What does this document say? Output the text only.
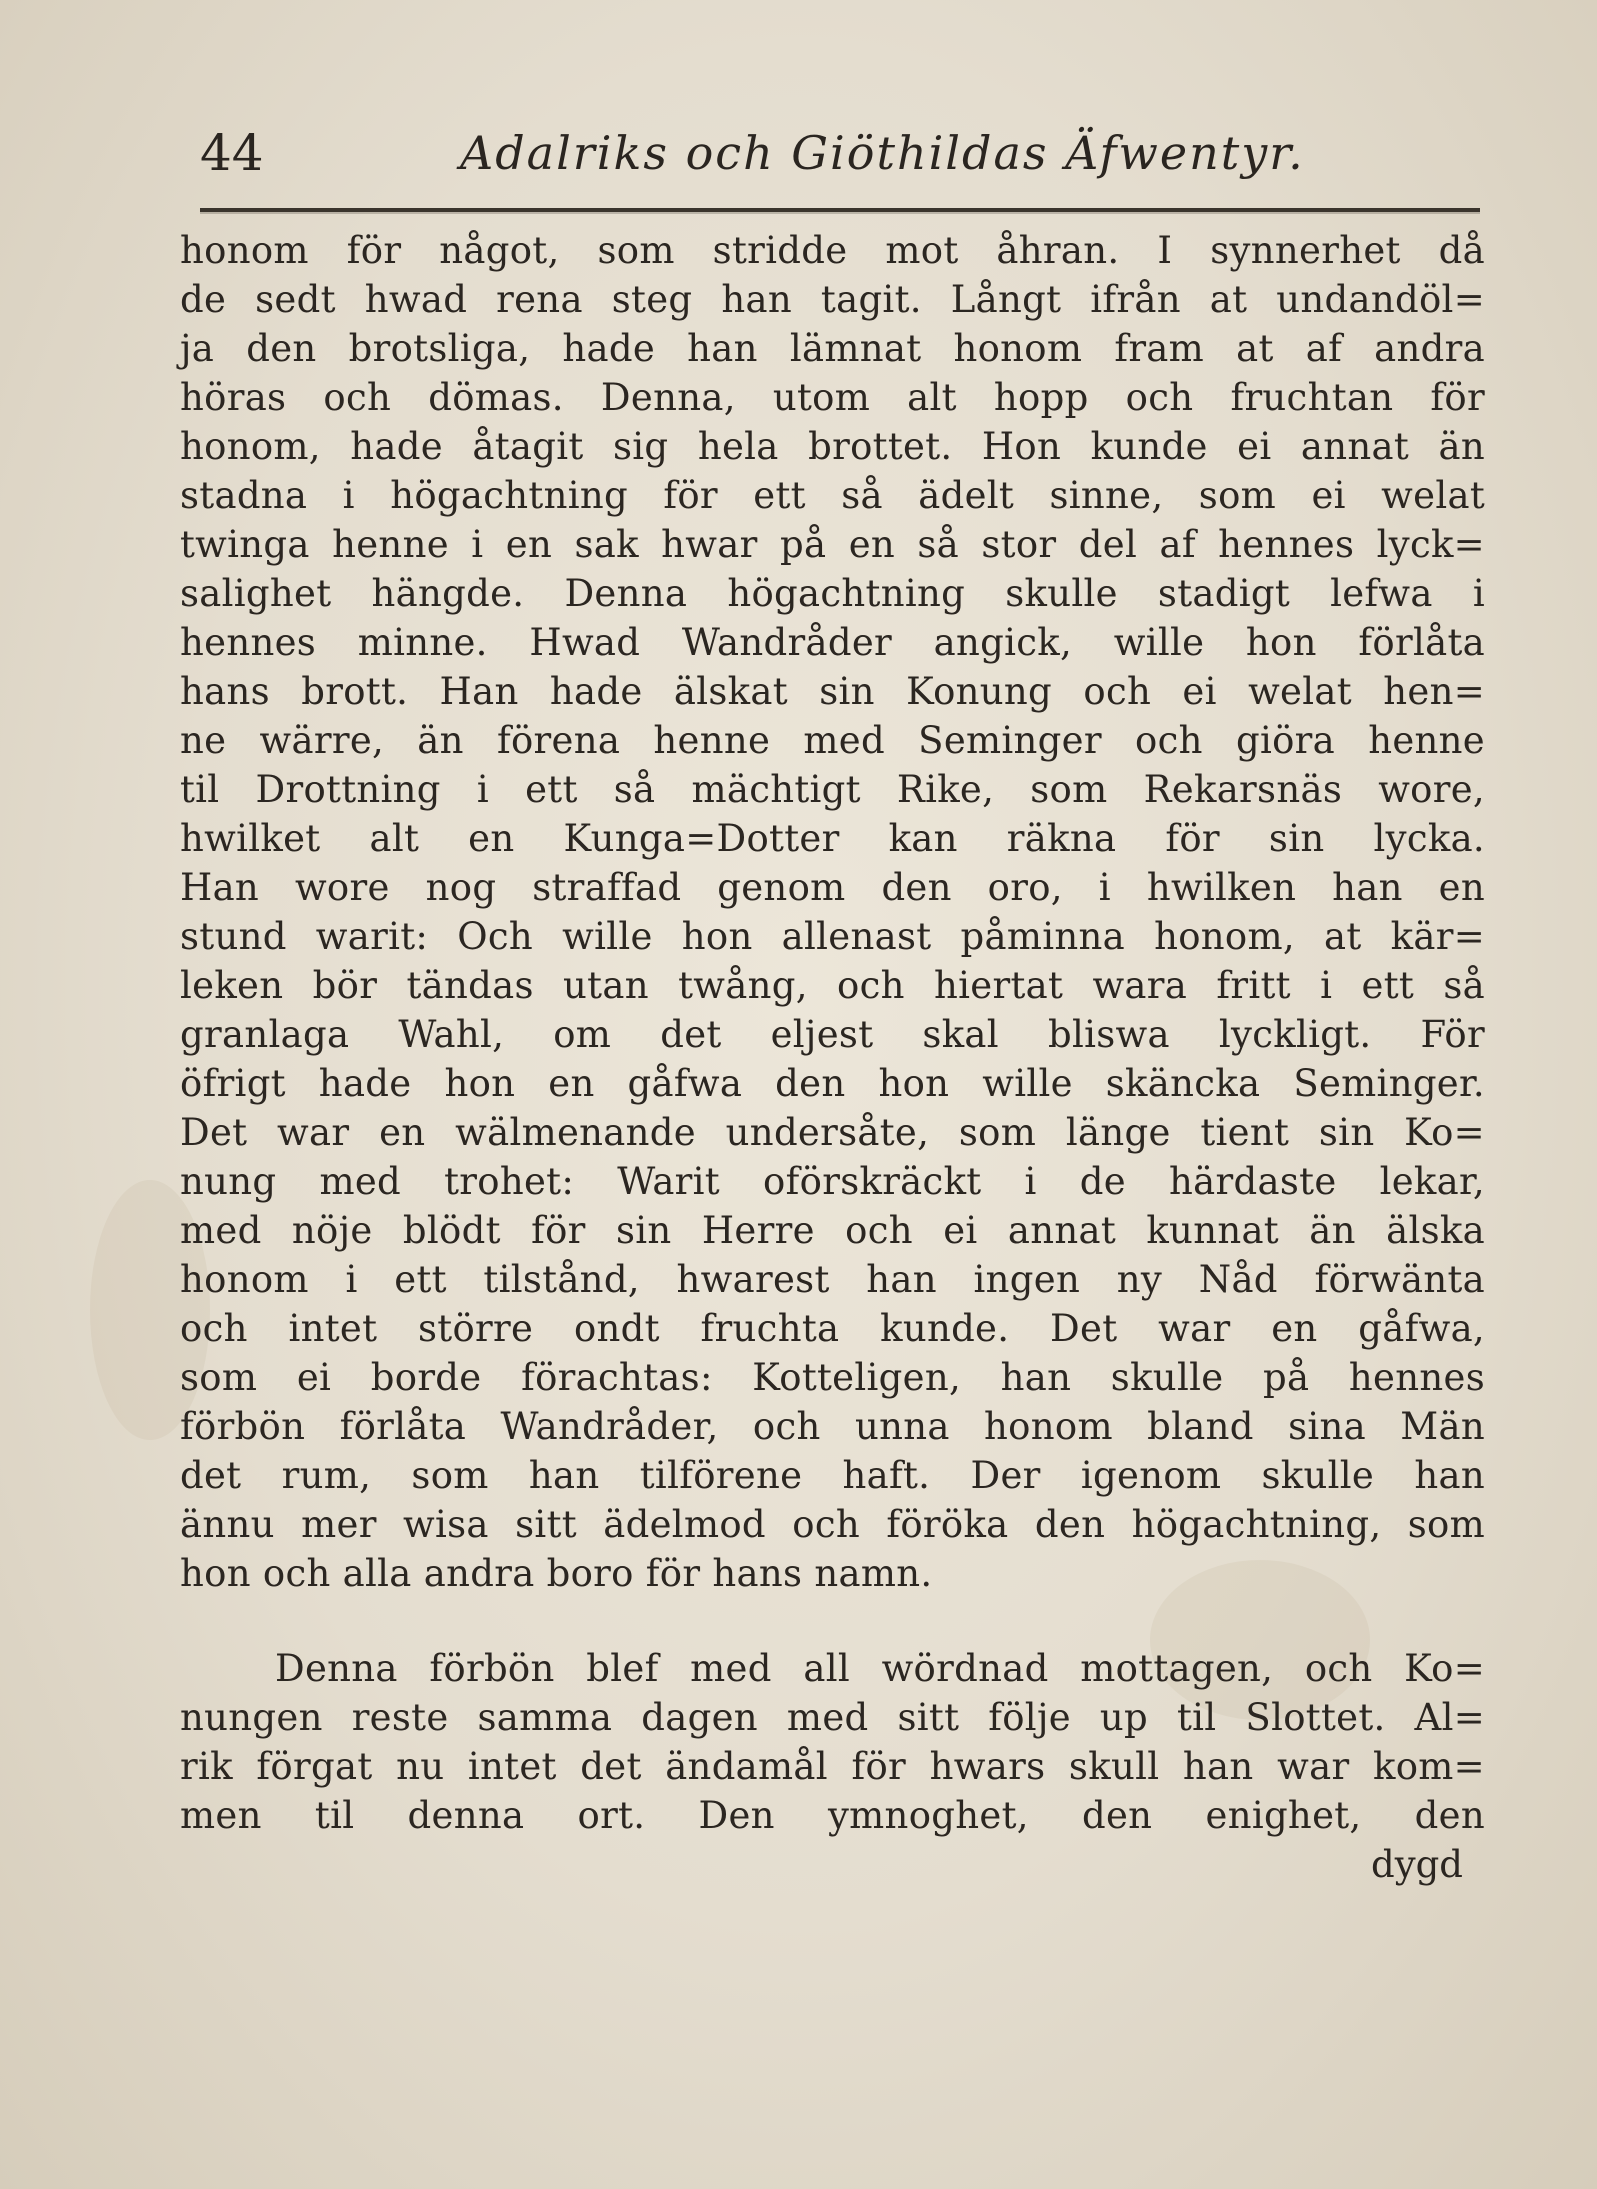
44	Adalriks och Giöthildas Äfwentyr.
honom för något, som stridde mot åhran. I synnerhet då
de sedt hwad rena steg han tagit. Långt ifrån at undandöl=
ja den brotsliga, hade han lämnat honom fram at af andra
höras och dömas. Denna, utom alt hopp och fruchtan för
honom, hade åtagit sig hela brottet. Hon kunde ei annat än
stadna i högachtning för ett så ädelt sinne, som ei welat
twinga henne i en sak hwar på en så stor del af hennes lyck=
salighet hängde. Denna högachtning skulle stadigt lefwa i
hennes minne. Hwad Wandråder angick, wille hon förlåta
hans brott. Han hade älskat sin Konung och ei welat hen=
ne wärre, än förena henne med Seminger och giöra henne
til Drottning i ett så mächtigt Rike, som Rekarsnäs wore,
hwilket alt en Kunga=Dotter kan räkna för sin lycka.
Han wore nog straffad genom den oro, i hwilken han en
stund warit: Och wille hon allenast påminna honom, at kär=
leken bör tändas utan twång, och hiertat wara fritt i ett så
granlaga Wahl, om det eljest skal bliswa lyckligt. För
öfrigt hade hon en gåfwa den hon wille skäncka Seminger.
Det war en wälmenande undersåte, som länge tient sin Ko=
nung med trohet: Warit oförskräckt i de härdaste lekar,
med nöje blödt för sin Herre och ei annat kunnat än älska
honom i ett tilstånd, hwarest han ingen ny Nåd förwänta
och intet större ondt fruchta kunde. Det war en gåfwa,
som ei borde förachtas: Kotteligen, han skulle på hennes
förbön förlåta Wandråder, och unna honom bland sina Män
det rum, som han tilförene haft. Der igenom skulle han
ännu mer wisa sitt ädelmod och föröka den högachtning, som
hon och alla andra boro för hans namn.
Denna förbön blef med all wördnad mottagen, och Ko=
nungen reste samma dagen med sitt följe up til Slottet. Al=
rik förgat nu intet det ändamål för hwars skull han war kom=
men til denna ort. Den ymnoghet, den enighet, den
dygd
